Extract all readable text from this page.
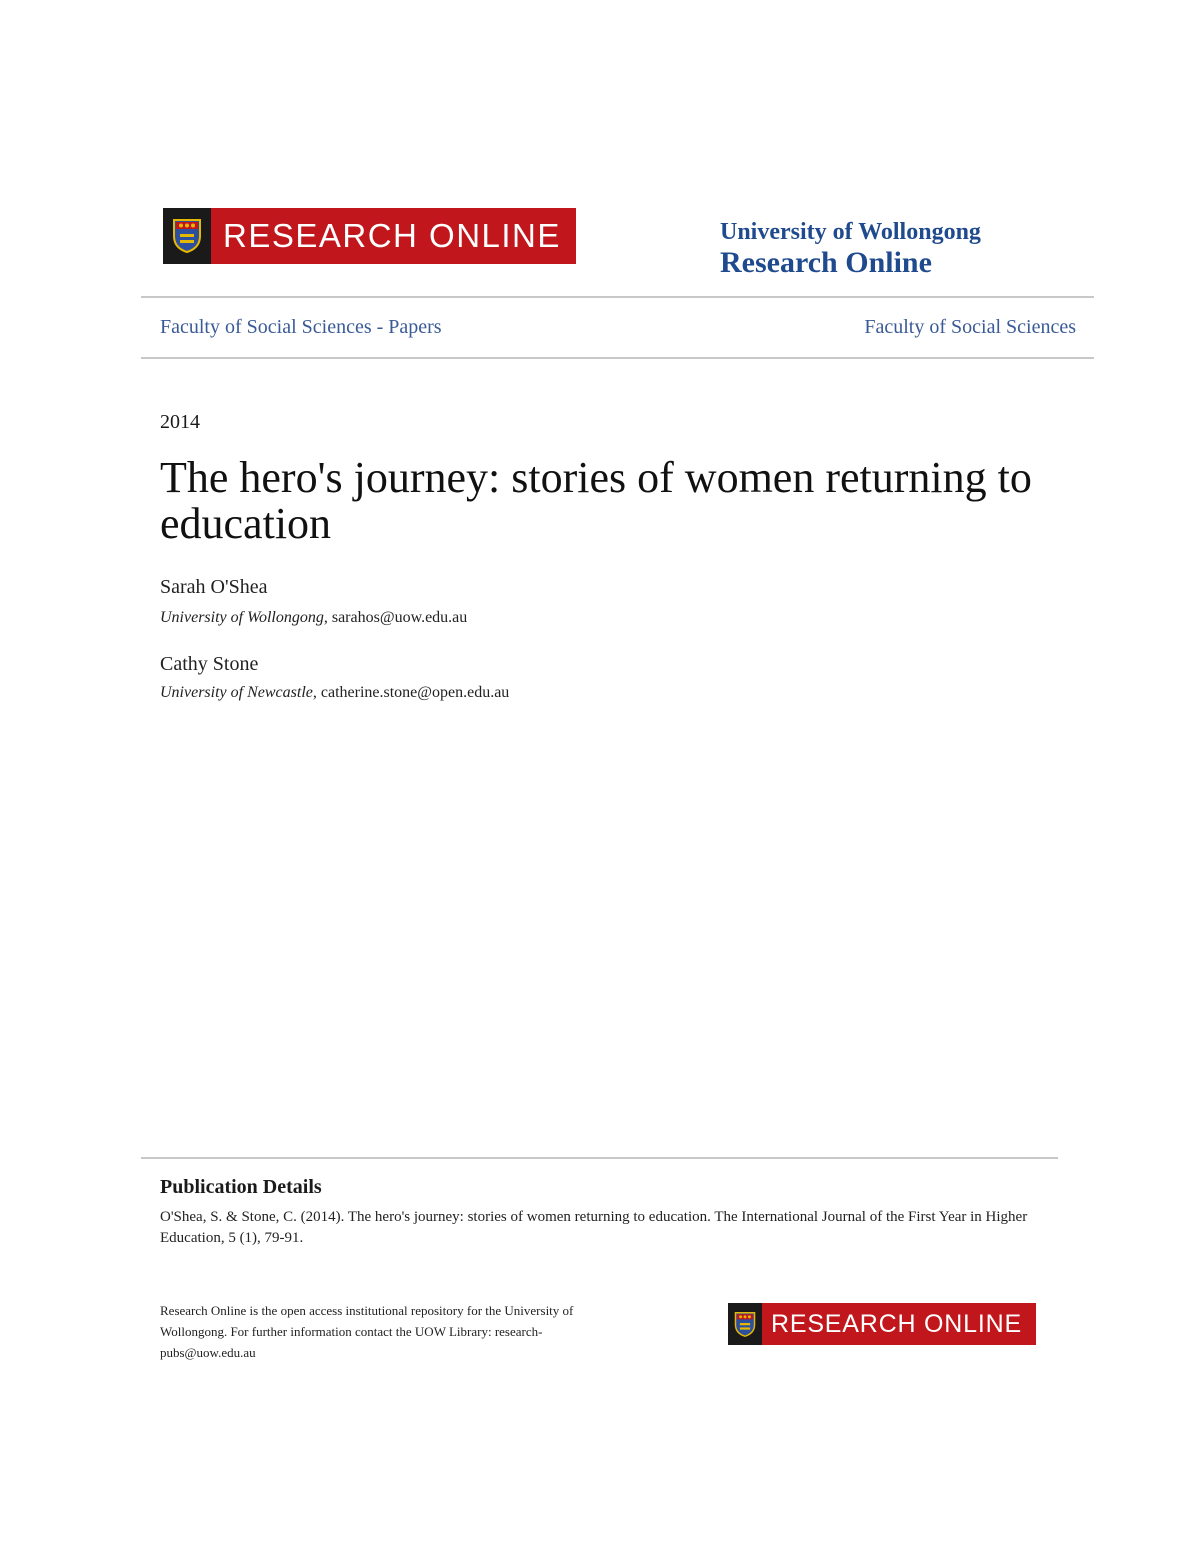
RESEARCH ONLINE	University of Wollongong
Research Online
Faculty of Social Sciences - Papers	Faculty of Social Sciences
2014
The hero's journey: stories of women returning to education
Sarah O'Shea
University of Wollongong, sarahos@uow.edu.au
Cathy Stone
University of Newcastle, catherine.stone@open.edu.au
Publication Details
O'Shea, S. & Stone, C. (2014). The hero's journey: stories of women returning to education. The International Journal of the First Year in Higher Education, 5 (1), 79-91.
Research Online is the open access institutional repository for the University of Wollongong. For further information contact the UOW Library: research-pubs@uow.edu.au
RESEARCH ONLINE
